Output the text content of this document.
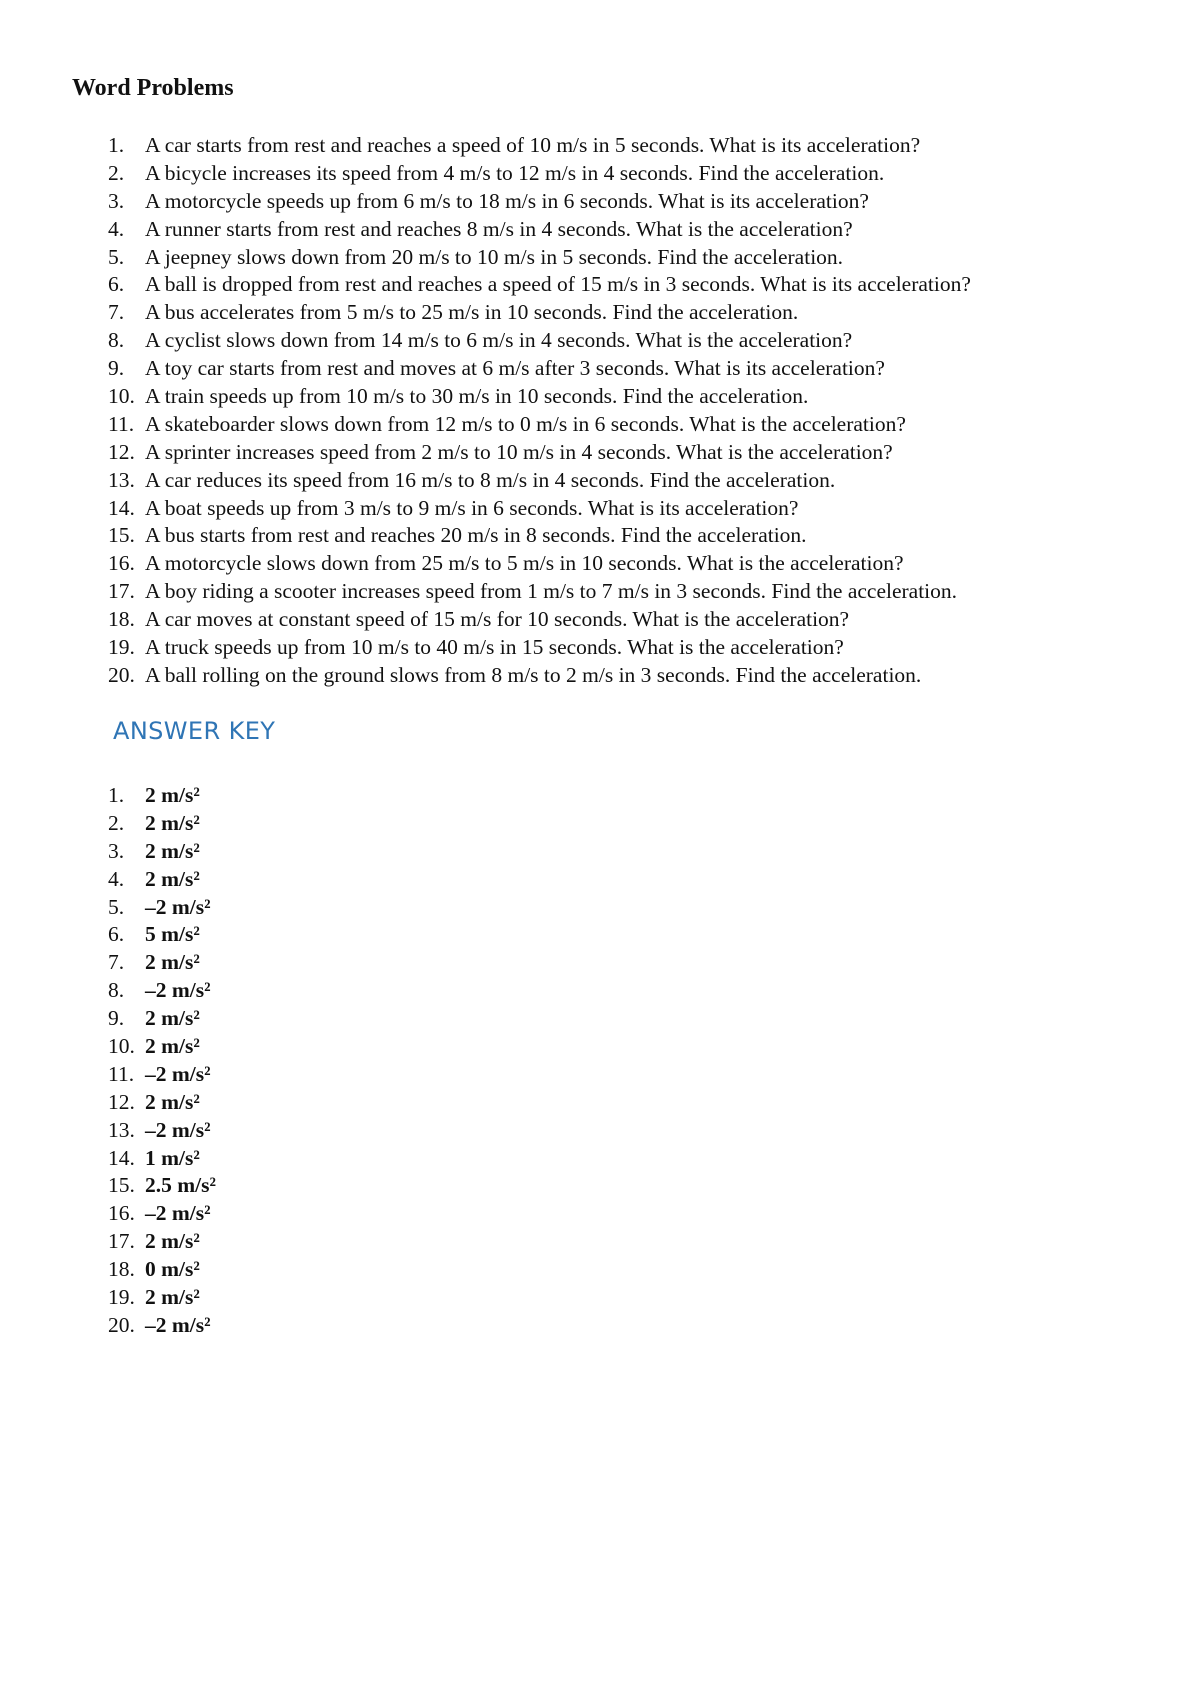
Word Problems
1. A car starts from rest and reaches a speed of 10 m/s in 5 seconds. What is its acceleration?
2. A bicycle increases its speed from 4 m/s to 12 m/s in 4 seconds. Find the acceleration.
3. A motorcycle speeds up from 6 m/s to 18 m/s in 6 seconds. What is its acceleration?
4. A runner starts from rest and reaches 8 m/s in 4 seconds. What is the acceleration?
5. A jeepney slows down from 20 m/s to 10 m/s in 5 seconds. Find the acceleration.
6. A ball is dropped from rest and reaches a speed of 15 m/s in 3 seconds. What is its acceleration?
7. A bus accelerates from 5 m/s to 25 m/s in 10 seconds. Find the acceleration.
8. A cyclist slows down from 14 m/s to 6 m/s in 4 seconds. What is the acceleration?
9. A toy car starts from rest and moves at 6 m/s after 3 seconds. What is its acceleration?
10. A train speeds up from 10 m/s to 30 m/s in 10 seconds. Find the acceleration.
11. A skateboarder slows down from 12 m/s to 0 m/s in 6 seconds. What is the acceleration?
12. A sprinter increases speed from 2 m/s to 10 m/s in 4 seconds. What is the acceleration?
13. A car reduces its speed from 16 m/s to 8 m/s in 4 seconds. Find the acceleration.
14. A boat speeds up from 3 m/s to 9 m/s in 6 seconds. What is its acceleration?
15. A bus starts from rest and reaches 20 m/s in 8 seconds. Find the acceleration.
16. A motorcycle slows down from 25 m/s to 5 m/s in 10 seconds. What is the acceleration?
17. A boy riding a scooter increases speed from 1 m/s to 7 m/s in 3 seconds. Find the acceleration.
18. A car moves at constant speed of 15 m/s for 10 seconds. What is the acceleration?
19. A truck speeds up from 10 m/s to 40 m/s in 15 seconds. What is the acceleration?
20. A ball rolling on the ground slows from 8 m/s to 2 m/s in 3 seconds. Find the acceleration.
ANSWER KEY
1. 2 m/s²
2. 2 m/s²
3. 2 m/s²
4. 2 m/s²
5. –2 m/s²
6. 5 m/s²
7. 2 m/s²
8. –2 m/s²
9. 2 m/s²
10. 2 m/s²
11. –2 m/s²
12. 2 m/s²
13. –2 m/s²
14. 1 m/s²
15. 2.5 m/s²
16. –2 m/s²
17. 2 m/s²
18. 0 m/s²
19. 2 m/s²
20. –2 m/s²
